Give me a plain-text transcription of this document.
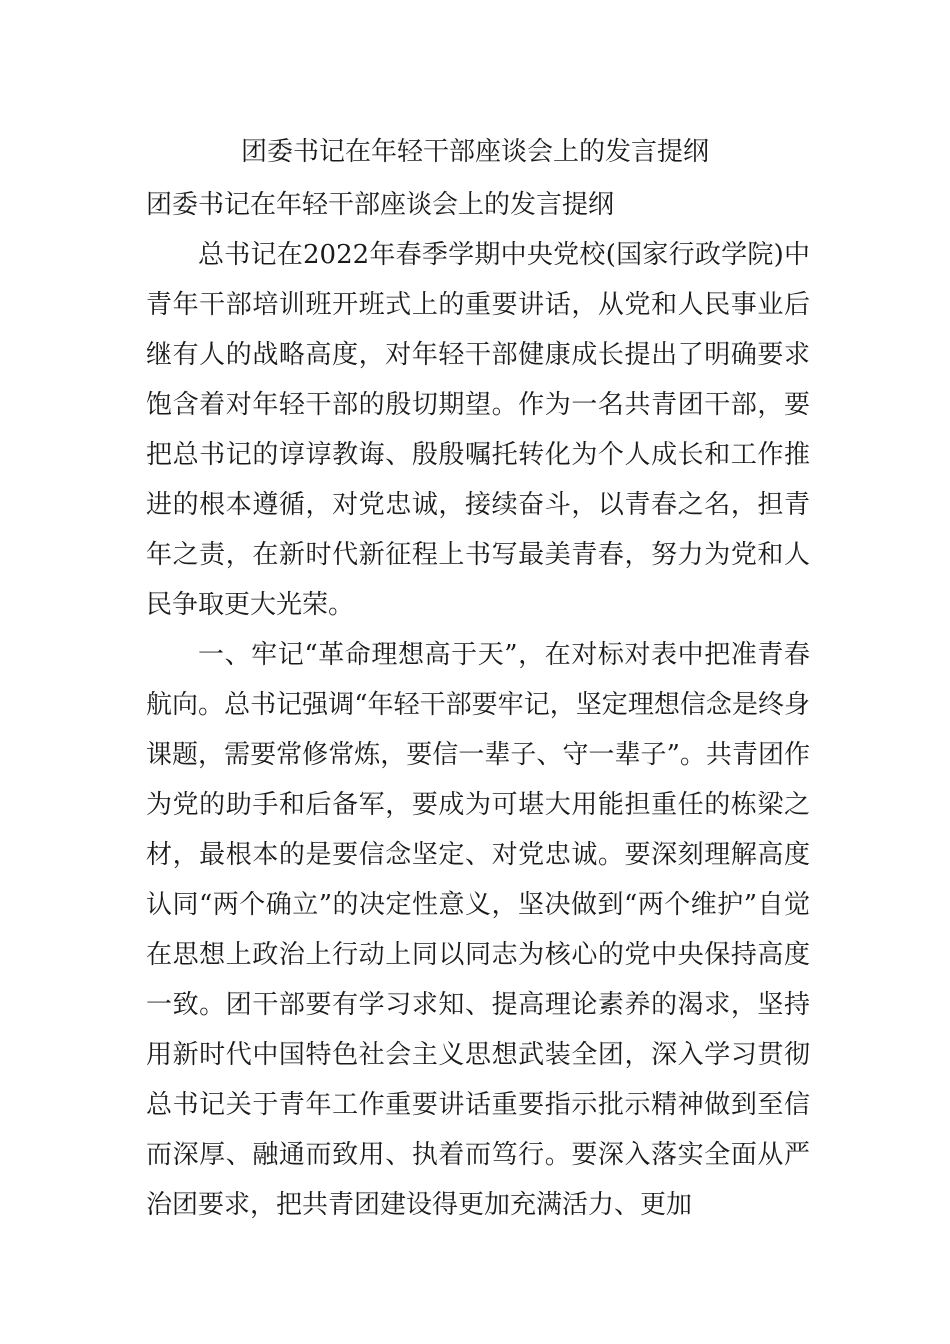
团委书记在年轻干部座谈会上的发言提纲

团委书记在年轻干部座谈会上的发言提纲

总书记在2022年春季学期中央党校(国家行政学院)中青年干部培训班开班式上的重要讲话，从党和人民事业后继有人的战略高度，对年轻干部健康成长提出了明确要求饱含着对年轻干部的殷切期望。作为一名共青团干部，要把总书记的谆谆教诲、殷殷嘱托转化为个人成长和工作推进的根本遵循，对党忠诚，接续奋斗，以青春之名，担青年之责，在新时代新征程上书写最美青春，努力为党和人民争取更大光荣。

一、牢记“革命理想高于天”，在对标对表中把准青春航向。总书记强调“年轻干部要牢记，坚定理想信念是终身课题，需要常修常炼，要信一辈子、守一辈子”。共青团作为党的助手和后备军，要成为可堪大用能担重任的栋梁之材，最根本的是要信念坚定、对党忠诚。要深刻理解高度认同“两个确立”的决定性意义，坚决做到“两个维护”自觉在思想上政治上行动上同以同志为核心的党中央保持高度一致。团干部要有学习求知、提高理论素养的渴求，坚持用新时代中国特色社会主义思想武装全团，深入学习贯彻总书记关于青年工作重要讲话重要指示批示精神做到至信而深厚、融通而致用、执着而笃行。要深入落实全面从严治团要求，把共青团建设得更加充满活力、更加
